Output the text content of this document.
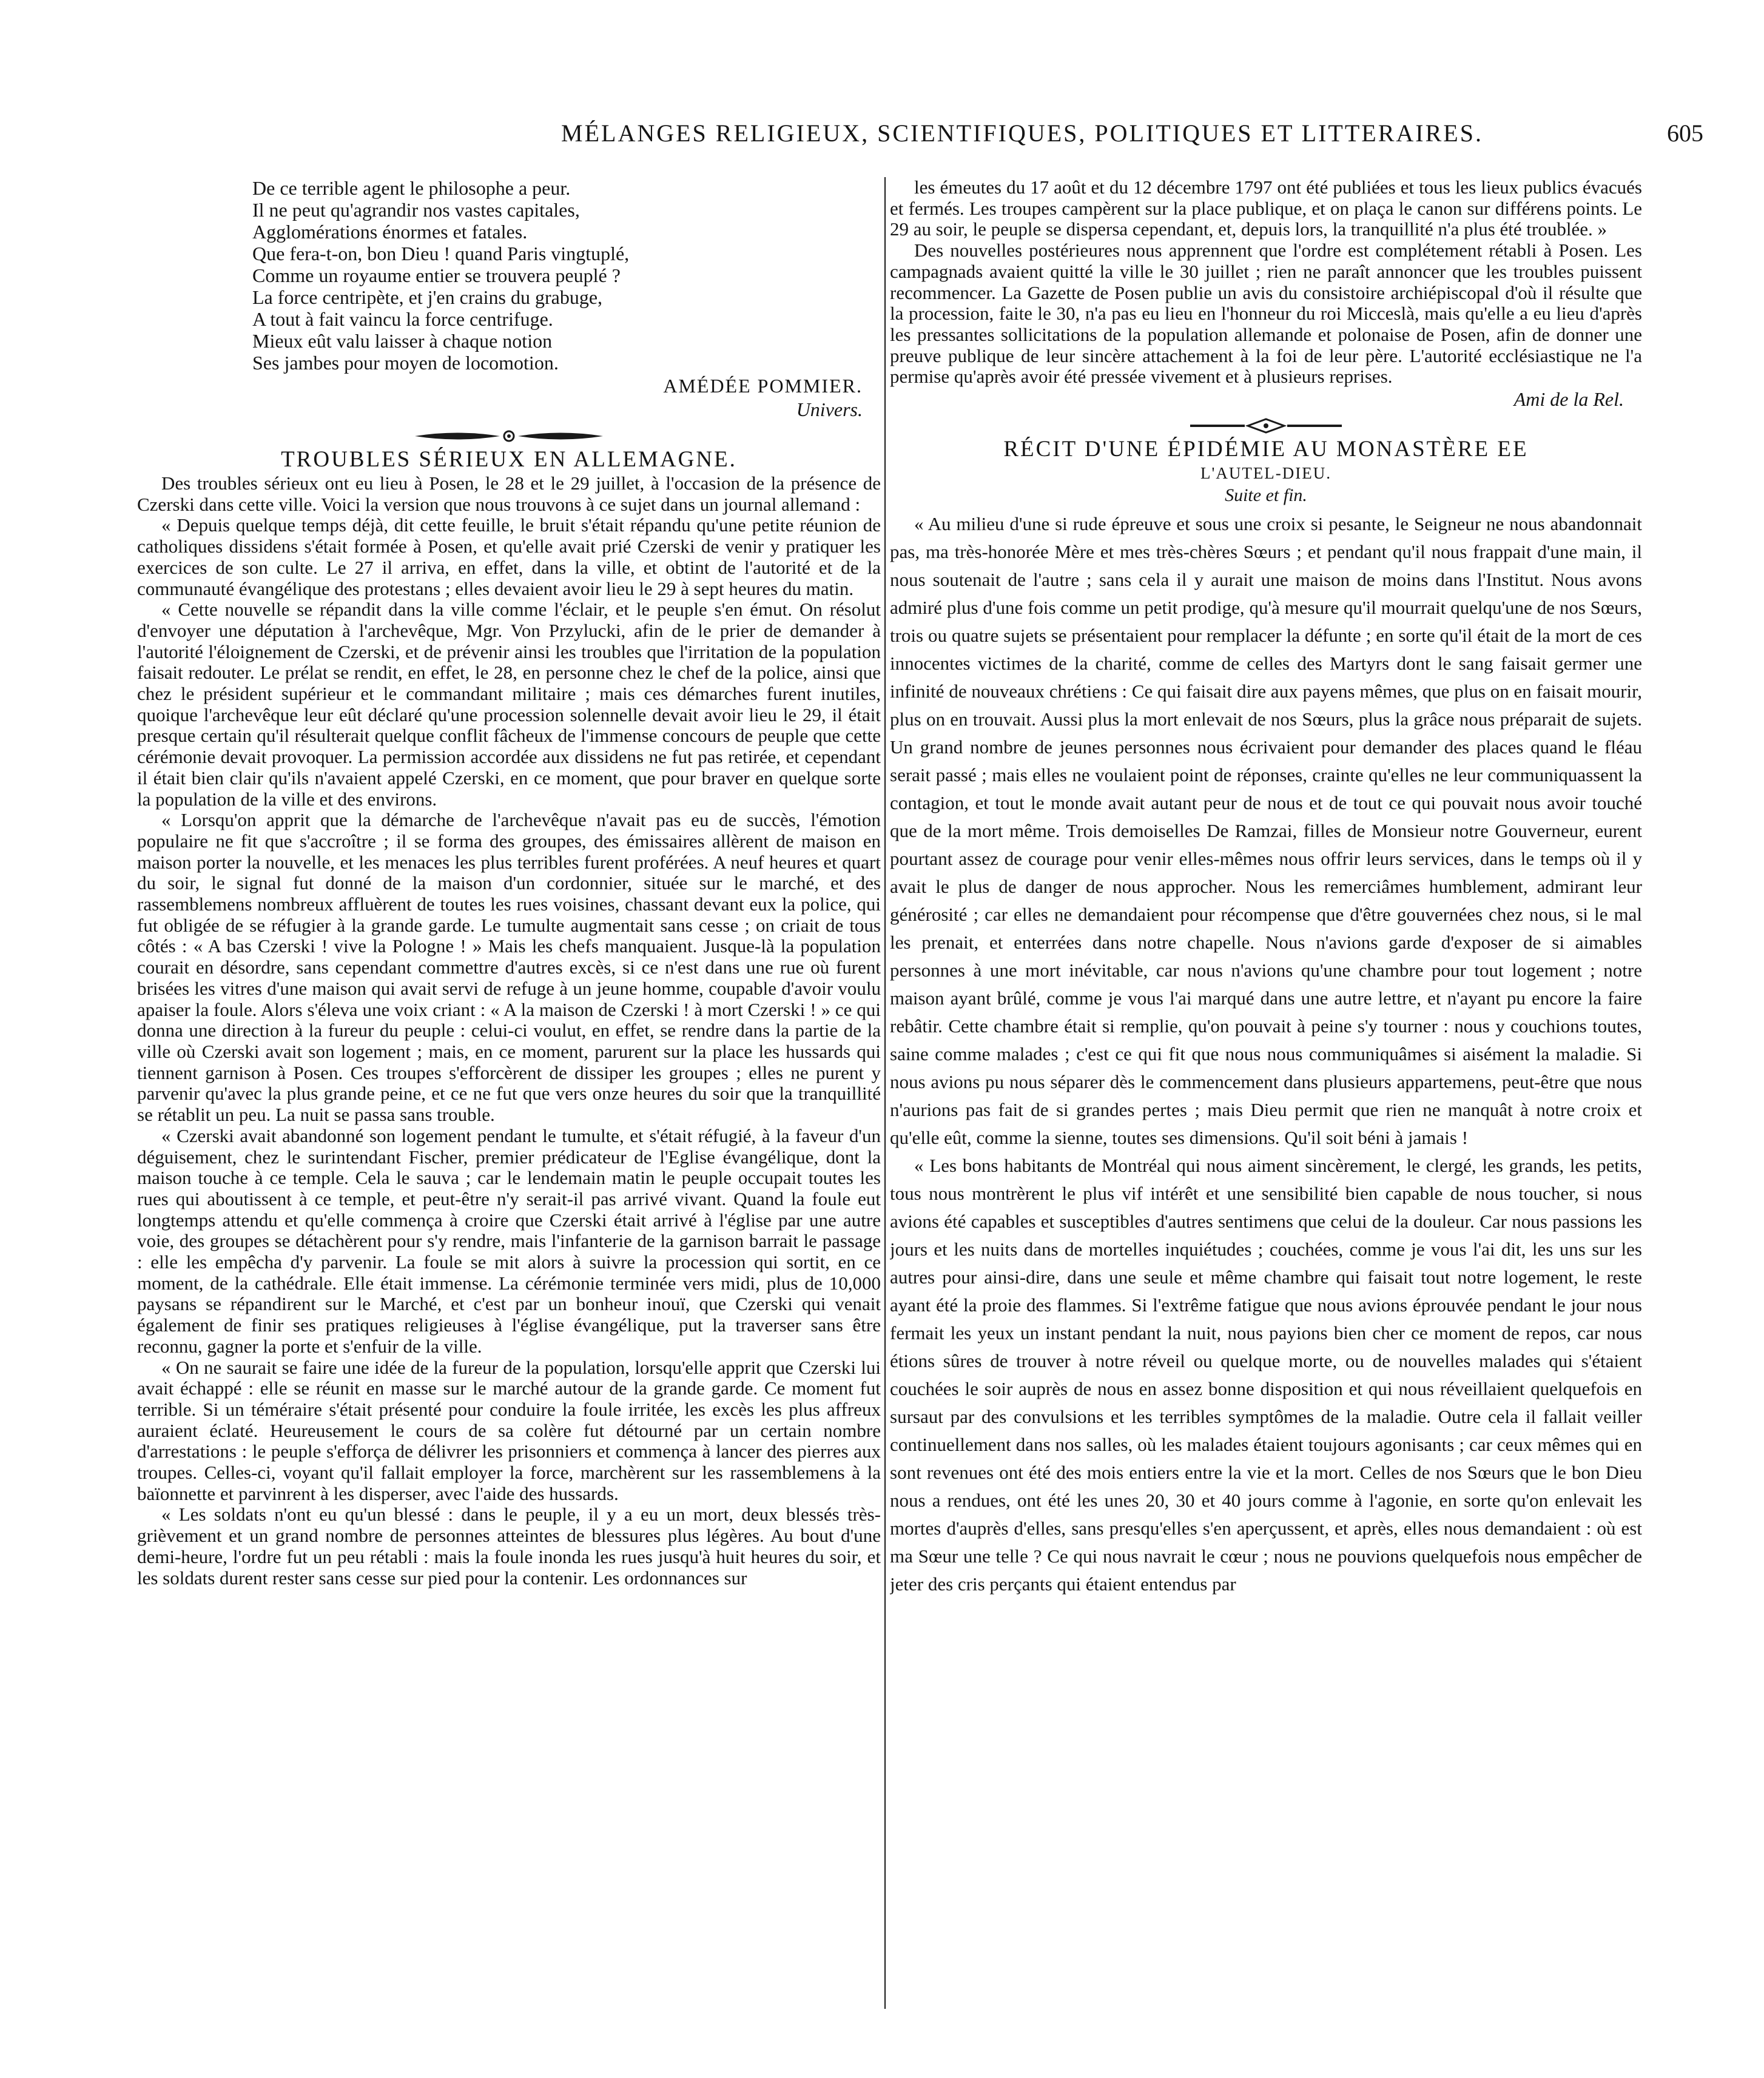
MÉLANGES RELIGIEUX, SCIENTIFIQUES, POLITIQUES ET LITTERAIRES.	605
De ce terrible agent le philosophe a peur.
Il ne peut qu'agrandir nos vastes capitales,
Agglomérations énormes et fatales.
Que fera-t-on, bon Dieu ! quand Paris vingtuplé,
Comme un royaume entier se trouvera peuplé ?
La force centripète, et j'en crains du grabuge,
A tout à fait vaincu la force centrifuge.
Mieux eût valu laisser à chaque notion
Ses jambes pour moyen de locomotion.
AMÉDÉE POMMIER.
Univers.
TROUBLES SÉRIEUX EN ALLEMAGNE.

Des troubles sérieux ont eu lieu à Posen, le 28 et le 29 juillet, à l'occasion de la présence de Czerski dans cette ville. Voici la version que nous trouvons à ce sujet dans un journal allemand :

« Depuis quelque temps déjà, dit cette feuille, le bruit s'était répandu qu'une petite réunion de catholiques dissidens s'était formée à Posen, et qu'elle avait prié Czerski de venir y pratiquer les exercices de son culte. Le 27 il arriva, en effet, dans la ville, et obtint de l'autorité et de la communauté évangélique des protestans ; elles devaient avoir lieu le 29 à sept heures du matin.

« Cette nouvelle se répandit dans la ville comme l'éclair, et le peuple s'en émut. On résolut d'envoyer une députation à l'archevêque, Mgr. Von Przylucki, afin de le prier de demander à l'autorité l'éloignement de Czerski, et de prévenir ainsi les troubles que l'irritation de la population faisait redouter. Le prélat se rendit, en effet, le 28, en personne chez le chef de la police, ainsi que chez le président supérieur et le commandant militaire ; mais ces démarches furent inutiles, quoique l'archevêque leur eût déclaré qu'une procession solennelle devait avoir lieu le 29, il était presque certain qu'il résulterait quelque conflit fâcheux de l'immense concours de peuple que cette cérémonie devait provoquer. La permission accordée aux dissidens ne fut pas retirée, et cependant il était bien clair qu'ils n'avaient appelé Czerski, en ce moment, que pour braver en quelque sorte la population de la ville et des environs.

« Lorsqu'on apprit que la démarche de l'archevêque n'avait pas eu de succès, l'émotion populaire ne fit que s'accroître ; il se forma des groupes, des émissaires allèrent de maison en maison porter la nouvelle, et les menaces les plus terribles furent proférées. A neuf heures et quart du soir, le signal fut donné de la maison d'un cordonnier, située sur le marché, et des rassemblemens nombreux affluèrent de toutes les rues voisines, chassant devant eux la police, qui fut obligée de se réfugier à la grande garde. Le tumulte augmentait sans cesse ; on criait de tous côtés : « A bas Czerski ! vive la Pologne ! » Mais les chefs manquaient. Jusque-là la population courait en désordre, sans cependant commettre d'autres excès, si ce n'est dans une rue où furent brisées les vitres d'une maison qui avait servi de refuge à un jeune homme, coupable d'avoir voulu apaiser la foule. Alors s'éleva une voix criant : « A la maison de Czerski ! à mort Czerski ! » ce qui donna une direction à la fureur du peuple : celui-ci voulut, en effet, se rendre dans la partie de la ville où Czerski avait son logement ; mais, en ce moment, parurent sur la place les hussards qui tiennent garnison à Posen. Ces troupes s'efforcèrent de dissiper les groupes ; elles ne purent y parvenir qu'avec la plus grande peine, et ce ne fut que vers onze heures du soir que la tranquillité se rétablit un peu. La nuit se passa sans trouble.

« Czerski avait abandonné son logement pendant le tumulte, et s'était réfugié, à la faveur d'un déguisement, chez le surintendant Fischer, premier prédicateur de l'Eglise évangélique, dont la maison touche à ce temple. Cela le sauva ; car le lendemain matin le peuple occupait toutes les rues qui aboutissent à ce temple, et peut-être n'y serait-il pas arrivé vivant. Quand la foule eut longtemps attendu et qu'elle commença à croire que Czerski était arrivé à l'église par une autre voie, des groupes se détachèrent pour s'y rendre, mais l'infanterie de la garnison barrait le passage : elle les empêcha d'y parvenir. La foule se mit alors à suivre la procession qui sortit, en ce moment, de la cathédrale. Elle était immense. La cérémonie terminée vers midi, plus de 10,000 paysans se répandirent sur le Marché, et c'est par un bonheur inouï, que Czerski qui venait également de finir ses pratiques religieuses à l'église évangélique, put la traverser sans être reconnu, gagner la porte et s'enfuir de la ville.

« On ne saurait se faire une idée de la fureur de la population, lorsqu'elle apprit que Czerski lui avait échappé : elle se réunit en masse sur le marché autour de la grande garde. Ce moment fut terrible. Si un téméraire s'était présenté pour conduire la foule irritée, les excès les plus affreux auraient éclaté. Heureusement le cours de sa colère fut détourné par un certain nombre d'arrestations : le peuple s'efforça de délivrer les prisonniers et commença à lancer des pierres aux troupes. Celles-ci, voyant qu'il fallait employer la force, marchèrent sur les rassemblemens à la baïonnette et parvinrent à les disperser, avec l'aide des hussards.

« Les soldats n'ont eu qu'un blessé : dans le peuple, il y a eu un mort, deux blessés très-grièvement et un grand nombre de personnes atteintes de blessures plus légères. Au bout d'une demi-heure, l'ordre fut un peu rétabli : mais la foule inonda les rues jusqu'à huit heures du soir, et les soldats durent rester sans cesse sur pied pour la contenir. Les ordonnances sur

les émeutes du 17 août et du 12 décembre 1797 ont été publiées et tous les lieux publics évacués et fermés. Les troupes campèrent sur la place publique, et on plaça le canon sur différens points. Le 29 au soir, le peuple se dispersa cependant, et, depuis lors, la tranquillité n'a plus été troublée. »

Des nouvelles postérieures nous apprennent que l'ordre est complétement rétabli à Posen. Les campagnads avaient quitté la ville le 30 juillet ; rien ne paraît annoncer que les troubles puissent recommencer. La Gazette de Posen publie un avis du consistoire archiépiscopal d'où il résulte que la procession, faite le 30, n'a pas eu lieu en l'honneur du roi Micceslà, mais qu'elle a eu lieu d'après les pressantes sollicitations de la population allemande et polonaise de Posen, afin de donner une preuve publique de leur sincère attachement à la foi de leur père. L'autorité ecclésiastique ne l'a permise qu'après avoir été pressée vivement et à plusieurs reprises.

Ami de la Rel.
RÉCIT D'UNE ÉPIDÉMIE AU MONASTÈRE EE
L'AUTEL-DIEU.
Suite et fin.

« Au milieu d'une si rude épreuve et sous une croix si pesante, le Seigneur ne nous abandonnait pas, ma très-honorée Mère et mes très-chères Sœurs ; et pendant qu'il nous frappait d'une main, il nous soutenait de l'autre ; sans cela il y aurait une maison de moins dans l'Institut. Nous avons admiré plus d'une fois comme un petit prodige, qu'à mesure qu'il mourrait quelqu'une de nos Sœurs, trois ou quatre sujets se présentaient pour remplacer la défunte ; en sorte qu'il était de la mort de ces innocentes victimes de la charité, comme de celles des Martyrs dont le sang faisait germer une infinité de nouveaux chrétiens : Ce qui faisait dire aux payens mêmes, que plus on en faisait mourir, plus on en trouvait. Aussi plus la mort enlevait de nos Sœurs, plus la grâce nous préparait de sujets. Un grand nombre de jeunes personnes nous écrivaient pour demander des places quand le fléau serait passé ; mais elles ne voulaient point de réponses, crainte qu'elles ne leur communiquassent la contagion, et tout le monde avait autant peur de nous et de tout ce qui pouvait nous avoir touché que de la mort même. Trois demoiselles De Ramzai, filles de Monsieur notre Gouverneur, eurent pourtant assez de courage pour venir elles-mêmes nous offrir leurs services, dans le temps où il y avait le plus de danger de nous approcher. Nous les remerciâmes humblement, admirant leur générosité ; car elles ne demandaient pour récompense que d'être gouvernées chez nous, si le mal les prenait, et enterrées dans notre chapelle. Nous n'avions garde d'exposer de si aimables personnes à une mort inévitable, car nous n'avions qu'une chambre pour tout logement ; notre maison ayant brûlé, comme je vous l'ai marqué dans une autre lettre, et n'ayant pu encore la faire rebâtir. Cette chambre était si remplie, qu'on pouvait à peine s'y tourner : nous y couchions toutes, saine comme malades ; c'est ce qui fit que nous nous communiquâmes si aisément la maladie. Si nous avions pu nous séparer dès le commencement dans plusieurs appartemens, peut-être que nous n'aurions pas fait de si grandes pertes ; mais Dieu permit que rien ne manquât à notre croix et qu'elle eût, comme la sienne, toutes ses dimensions. Qu'il soit béni à jamais !

« Les bons habitants de Montréal qui nous aiment sincèrement, le clergé, les grands, les petits, tous nous montrèrent le plus vif intérêt et une sensibilité bien capable de nous toucher, si nous avions été capables et susceptibles d'autres sentimens que celui de la douleur. Car nous passions les jours et les nuits dans de mortelles inquiétudes ; couchées, comme je vous l'ai dit, les uns sur les autres pour ainsi-dire, dans une seule et même chambre qui faisait tout notre logement, le reste ayant été la proie des flammes. Si l'extrême fatigue que nous avions éprouvée pendant le jour nous fermait les yeux un instant pendant la nuit, nous payions bien cher ce moment de repos, car nous étions sûres de trouver à notre réveil ou quelque morte, ou de nouvelles malades qui s'étaient couchées le soir auprès de nous en assez bonne disposition et qui nous réveillaient quelquefois en sursaut par des convulsions et les terribles symptômes de la maladie. Outre cela il fallait veiller continuellement dans nos salles, où les malades étaient toujours agonisants ; car ceux mêmes qui en sont revenues ont été des mois entiers entre la vie et la mort. Celles de nos Sœurs que le bon Dieu nous a rendues, ont été les unes 20, 30 et 40 jours comme à l'agonie, en sorte qu'on enlevait les mortes d'auprès d'elles, sans presqu'elles s'en aperçussent, et après, elles nous demandaient : où est ma Sœur une telle ? Ce qui nous navrait le cœur ; nous ne pouvions quelquefois nous empêcher de jeter des cris perçants qui étaient entendus par
